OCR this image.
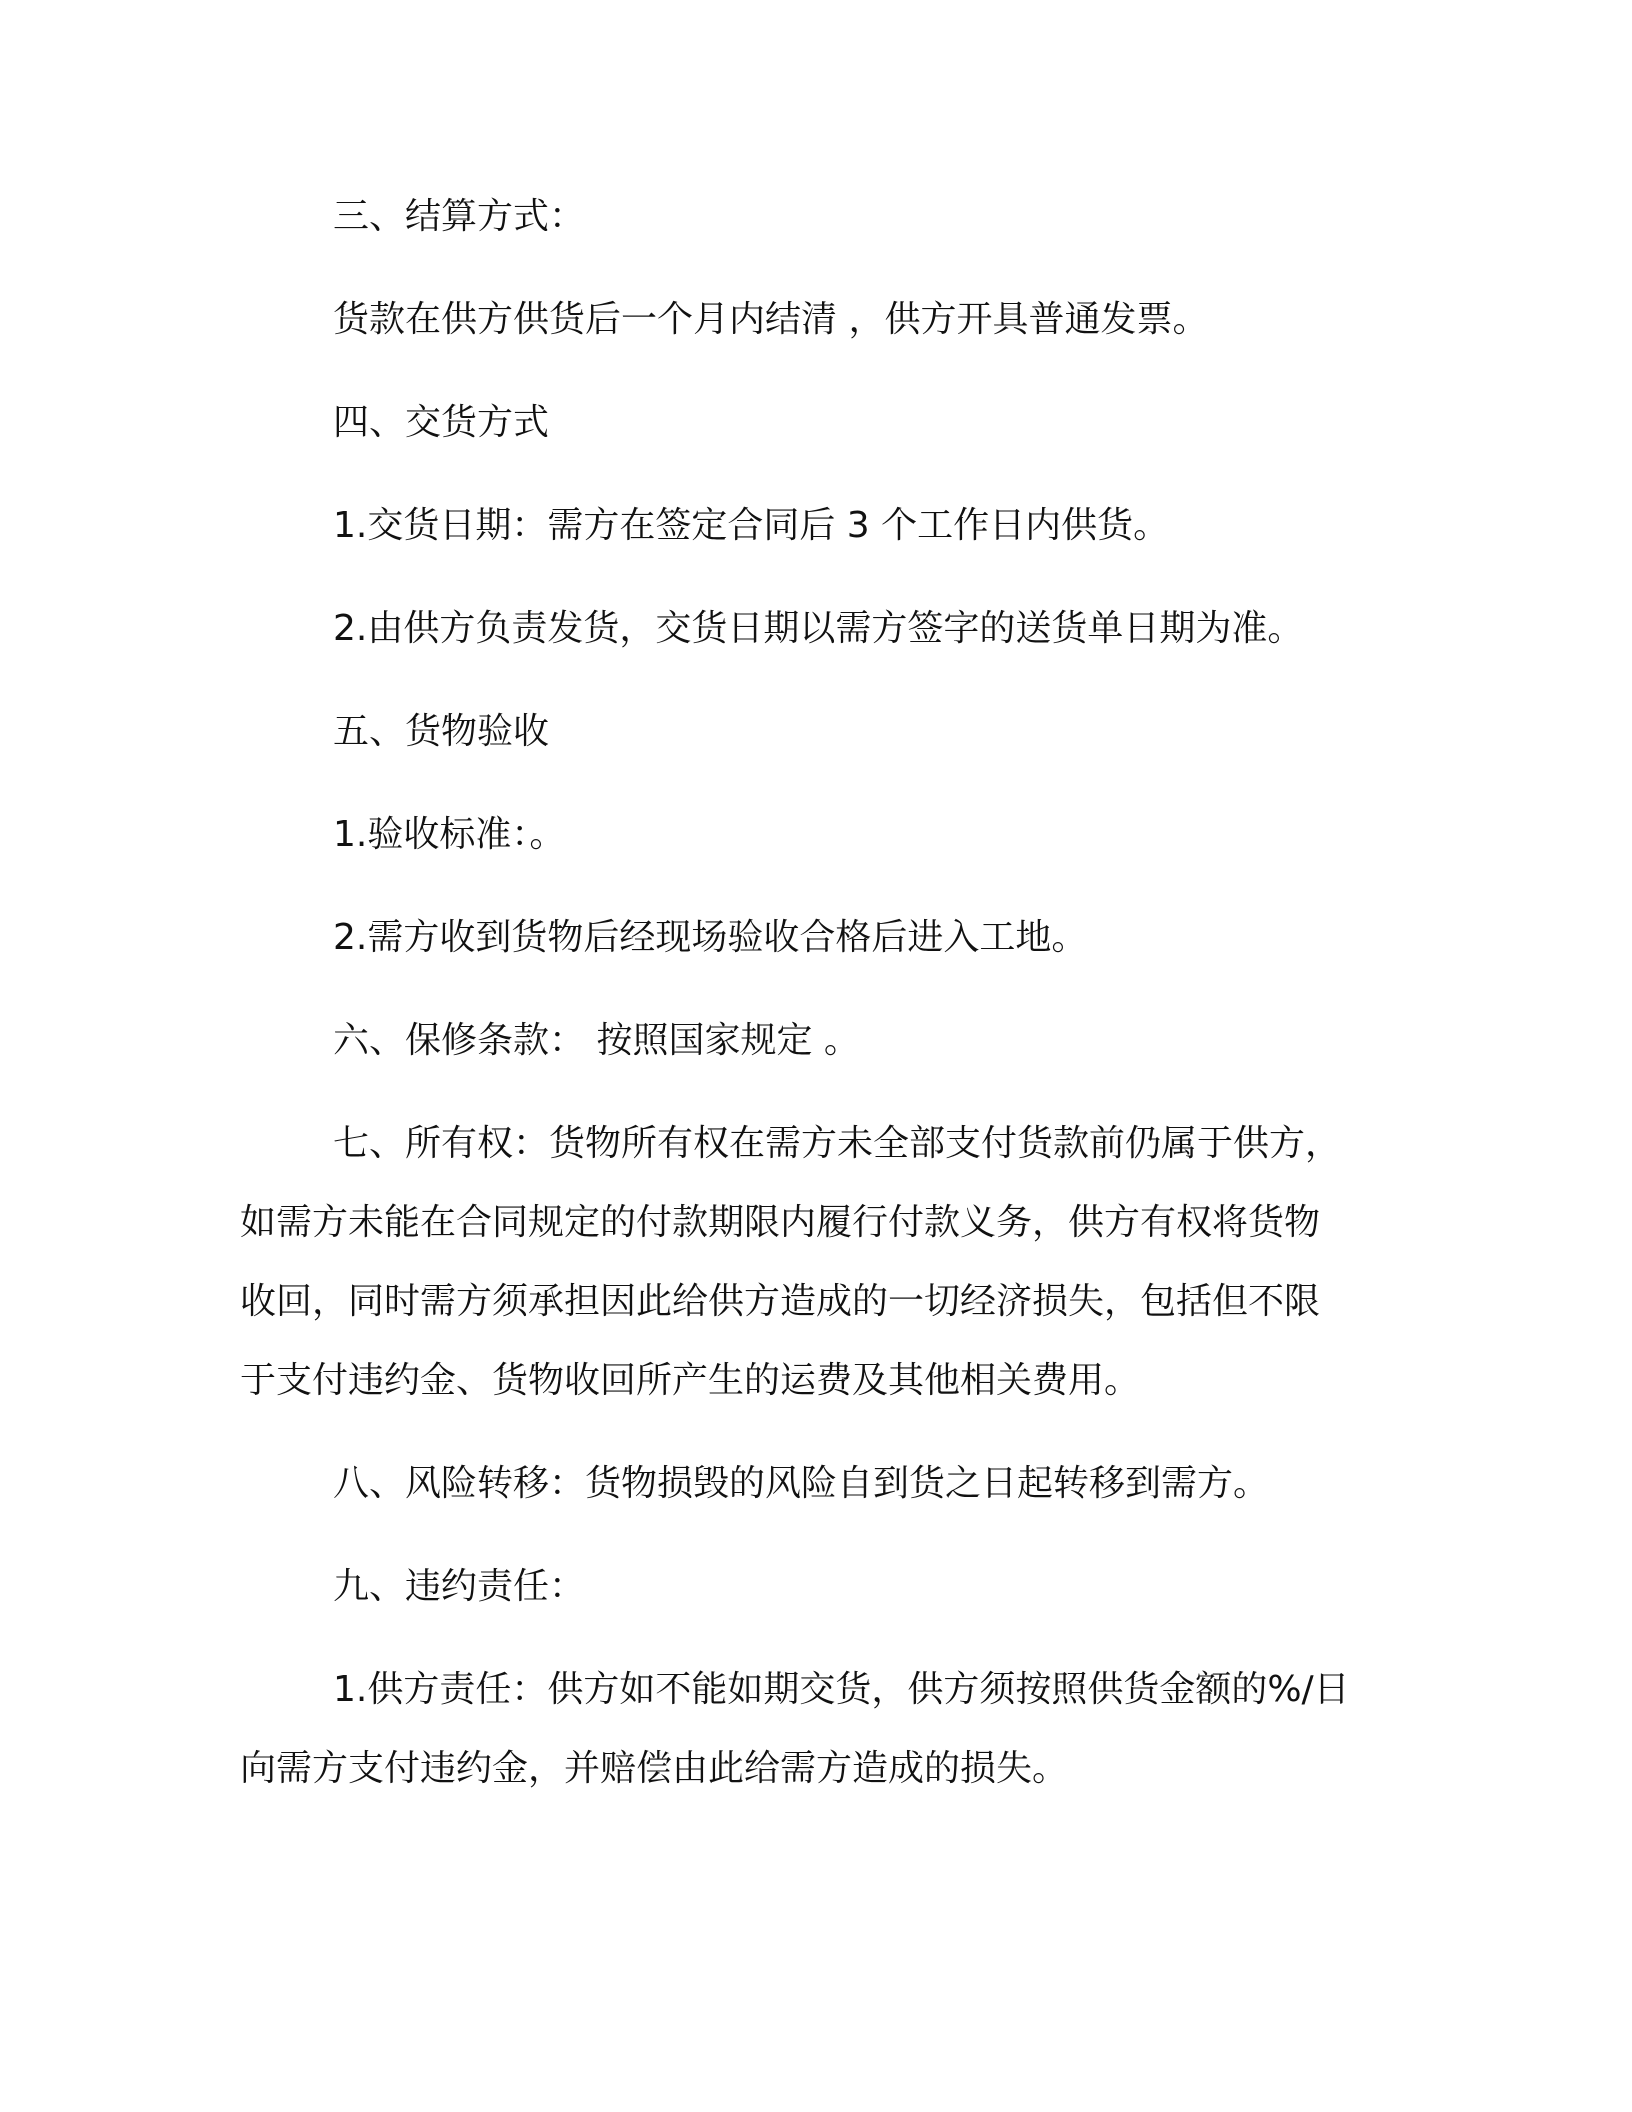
三、结算方式：
货款在供方供货后一个月内结清 ，供方开具普通发票。
四、交货方式
1.交货日期：需方在签定合同后 3 个工作日内供货。
2.由供方负责发货，交货日期以需方签字的送货单日期为准。
五、货物验收
1.验收标准：。
2.需方收到货物后经现场验收合格后进入工地。
六、保修条款： 按照国家规定 。
七、所有权：货物所有权在需方未全部支付货款前仍属于供方，
如需方未能在合同规定的付款期限内履行付款义务，供方有权将货物
收回，同时需方须承担因此给供方造成的一切经济损失，包括但不限
于支付违约金、货物收回所产生的运费及其他相关费用。
八、风险转移：货物损毁的风险自到货之日起转移到需方。
九、违约责任：
1.供方责任：供方如不能如期交货，供方须按照供货金额的%/日
向需方支付违约金，并赔偿由此给需方造成的损失。
